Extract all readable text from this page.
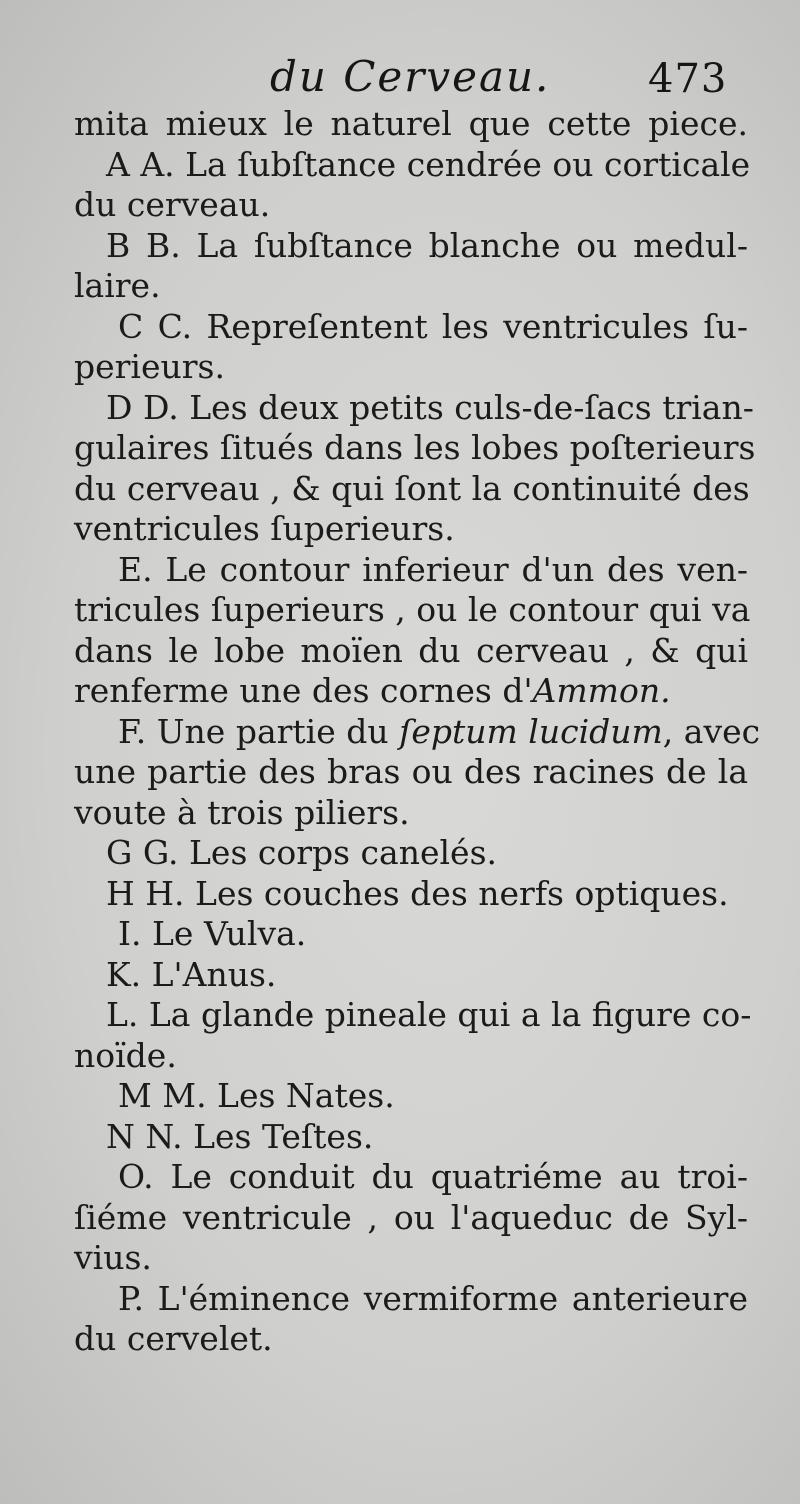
du Cerveau. 473
mita mieux le naturel que cette piece.
A A. La ſubſtance cendrée ou corticale
du cerveau.
B B. La ſubſtance blanche ou medul-
laire.
C C. Repreſentent les ventricules ſu-
perieurs.
D D. Les deux petits culs-de-ſacs trian-
gulaires ſitués dans les lobes poſterieurs
du cerveau , & qui ſont la continuité des
ventricules ſuperieurs.
E. Le contour inferieur d'un des ven-
tricules ſuperieurs , ou le contour qui va
dans le lobe moïen du cerveau , & qui
renferme une des cornes d'Ammon.
F. Une partie du ſeptum lucidum, avec
une partie des bras ou des racines de la
voute à trois piliers.
G G. Les corps canelés.
H H. Les couches des nerfs optiques.
I. Le Vulva.
K. L'Anus.
L. La glande pineale qui a la figure co-
noïde.
M M. Les Nates.
N N. Les Teſtes.
O. Le conduit du quatriéme au troi-
ſiéme ventricule , ou l'aqueduc de Syl-
vius.
P. L'éminence vermiforme anterieure
du cervelet.
